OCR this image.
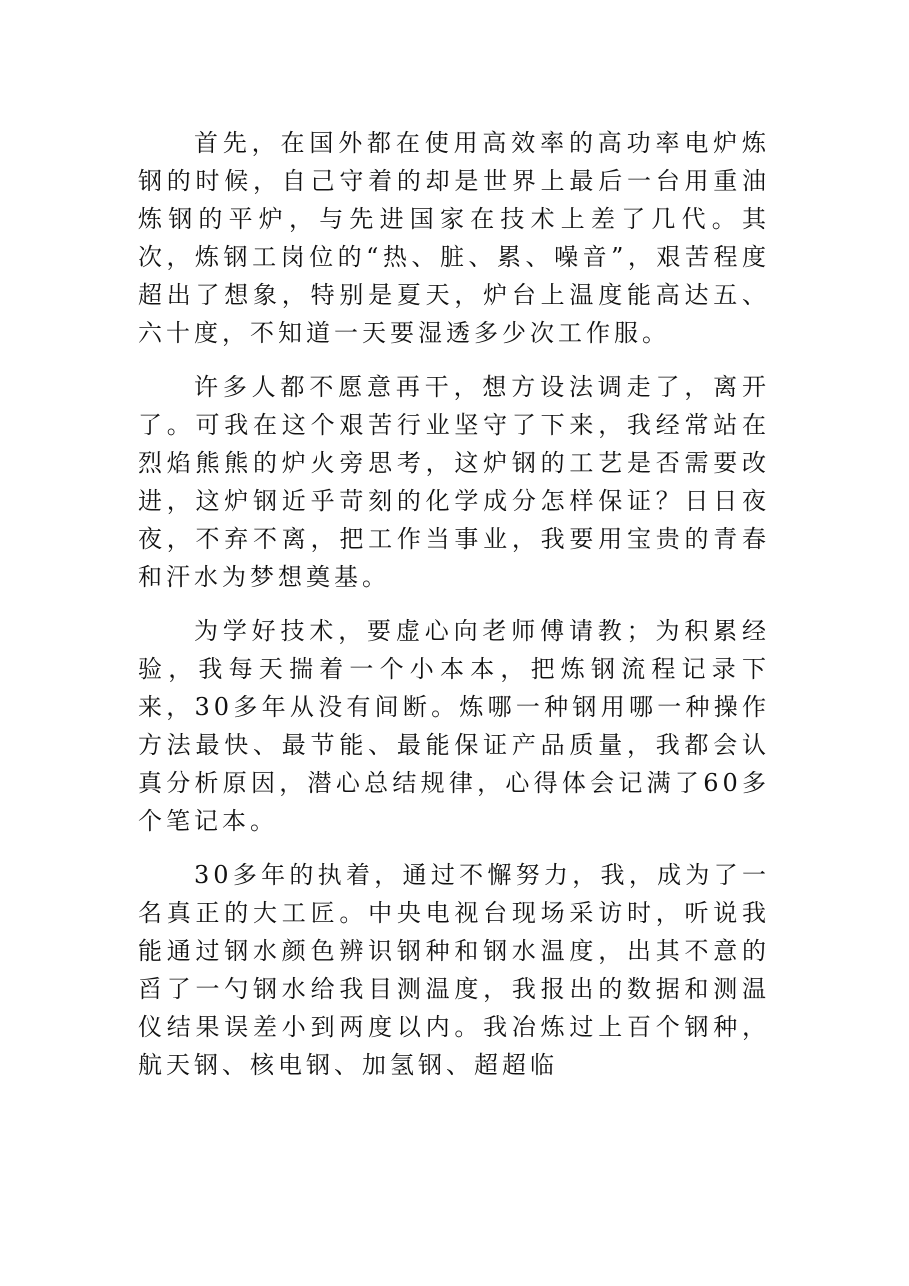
首先，在国外都在使用高效率的高功率电炉炼钢的时候，自己守着的却是世界上最后一台用重油炼钢的平炉，与先进国家在技术上差了几代。其次，炼钢工岗位的“热、脏、累、噪音”，艰苦程度超出了想象，特别是夏天，炉台上温度能高达五、六十度，不知道一天要湿透多少次工作服。

许多人都不愿意再干，想方设法调走了，离开了。可我在这个艰苦行业坚守了下来，我经常站在烈焰熊熊的炉火旁思考，这炉钢的工艺是否需要改进，这炉钢近乎苛刻的化学成分怎样保证？日日夜夜，不弃不离，把工作当事业，我要用宝贵的青春和汗水为梦想奠基。

为学好技术，要虚心向老师傅请教；为积累经验，我每天揣着一个小本本，把炼钢流程记录下来，30多年从没有间断。炼哪一种钢用哪一种操作方法最快、最节能、最能保证产品质量，我都会认真分析原因，潜心总结规律，心得体会记满了60多个笔记本。

30多年的执着，通过不懈努力，我，成为了一名真正的大工匠。中央电视台现场采访时，听说我能通过钢水颜色辨识钢种和钢水温度，出其不意的舀了一勺钢水给我目测温度，我报出的数据和测温仪结果误差小到两度以内。我冶炼过上百个钢种，航天钢、核电钢、加氢钢、超超临
